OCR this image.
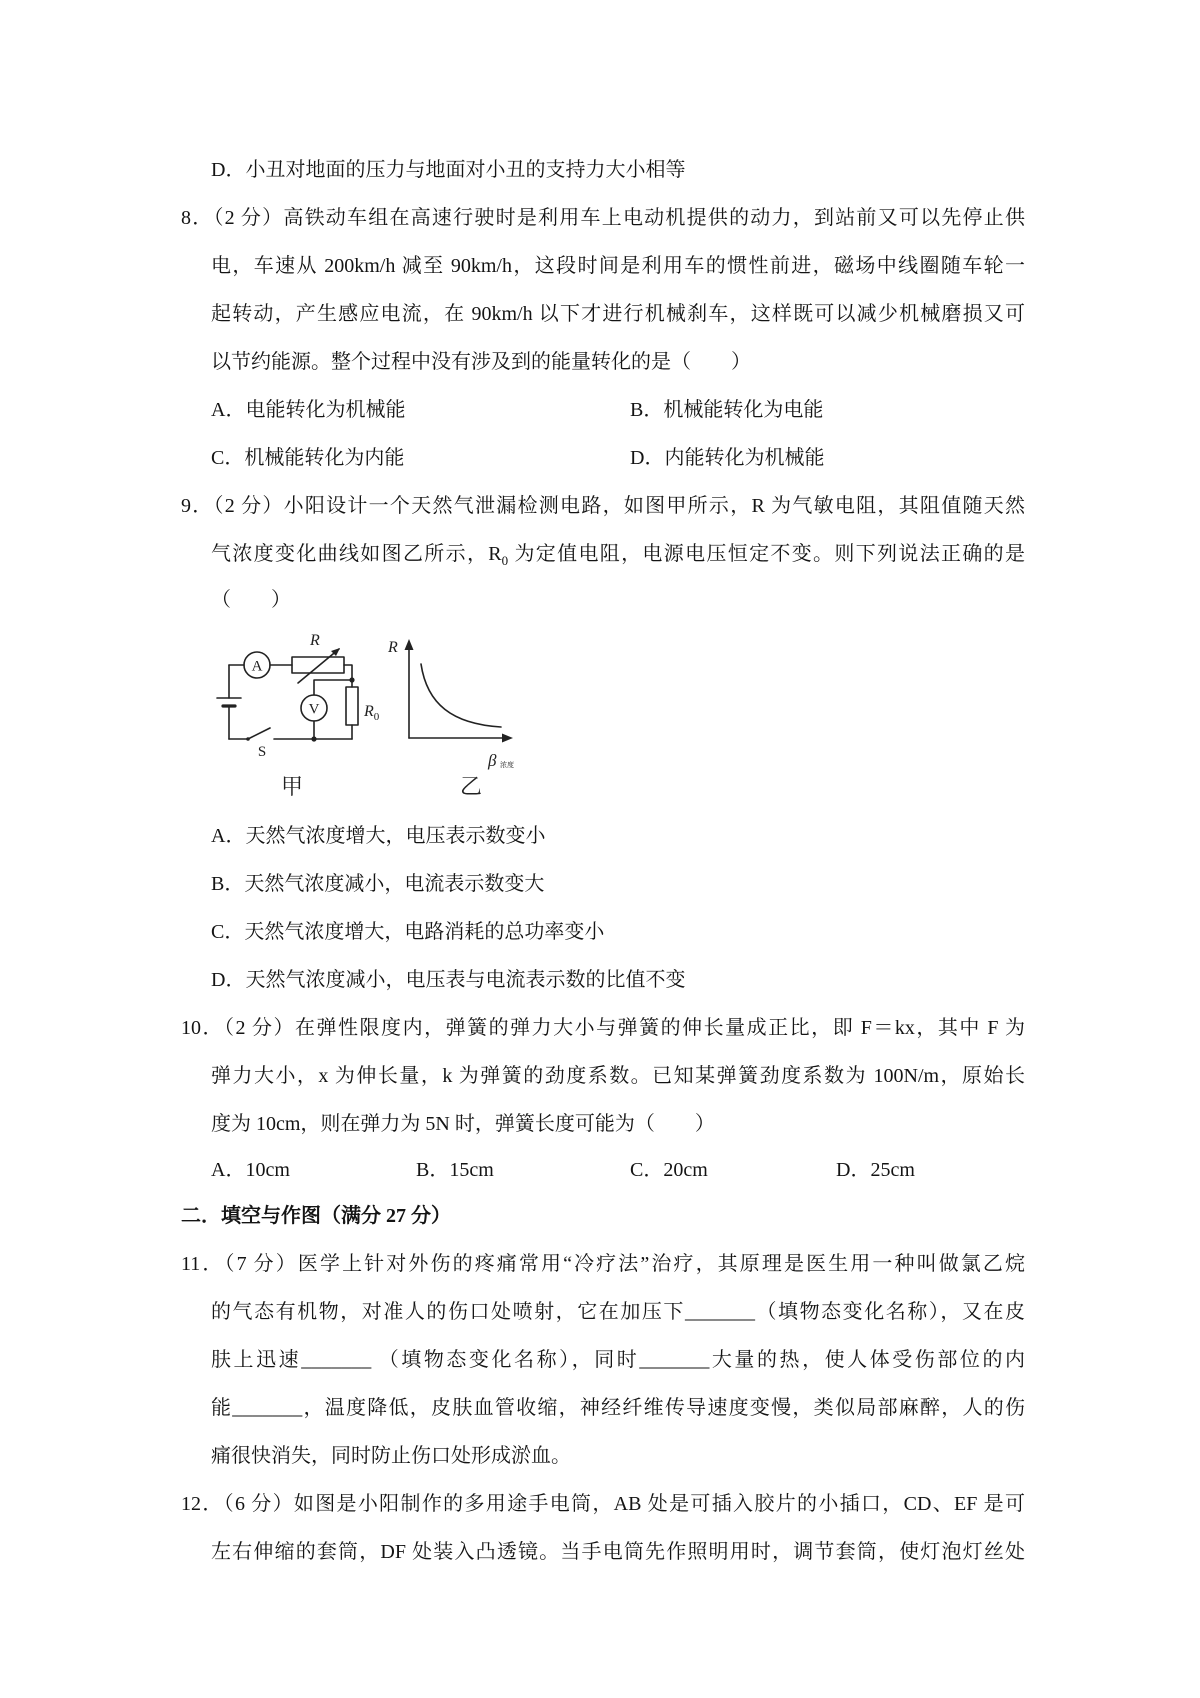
D．小丑对地面的压力与地面对小丑的支持力大小相等
8．（2 分）高铁动车组在高速行驶时是利用车上电动机提供的动力，到站前又可以先停止供
电，车速从 200km/h 减至 90km/h，这段时间是利用车的惯性前进，磁场中线圈随车轮一
起转动，产生感应电流，在 90km/h 以下才进行机械刹车，这样既可以减少机械磨损又可
以节约能源。整个过程中没有涉及到的能量转化的是（　　）
A．电能转化为机械能	B．机械能转化为电能
C．机械能转化为内能	D．内能转化为机械能
9．（2 分）小阳设计一个天然气泄漏检测电路，如图甲所示，R 为气敏电阻，其阻值随天然
气浓度变化曲线如图乙所示，$R_0$ 为定值电阻，电源电压恒定不变。则下列说法正确的是
（　　）
A
R
V	$R_0$
S
甲
R
β 浓度
乙
A．天然气浓度增大，电压表示数变小
B．天然气浓度减小，电流表示数变大
C．天然气浓度增大，电路消耗的总功率变小
D．天然气浓度减小，电压表与电流表示数的比值不变
10．（2 分）在弹性限度内，弹簧的弹力大小与弹簧的伸长量成正比，即 F＝kx，其中 F 为
弹力大小，x 为伸长量，k 为弹簧的劲度系数。已知某弹簧劲度系数为 100N/m，原始长
度为 10cm，则在弹力为 5N 时，弹簧长度可能为（　　）
A．10cm	B．15cm	C．20cm	D．25cm
二．填空与作图（满分 27 分）
11．（7 分）医学上针对外伤的疼痛常用“冷疗法”治疗，其原理是医生用一种叫做氯乙烷
的气态有机物，对准人的伤口处喷射，它在加压下_______（填物态变化名称），又在皮
肤上迅速_______ （填物态变化名称），同时_______大量的热，使人体受伤部位的内
能_______，温度降低，皮肤血管收缩，神经纤维传导速度变慢，类似局部麻醉，人的伤
痛很快消失，同时防止伤口处形成淤血。
12．（6 分）如图是小阳制作的多用途手电筒，AB 处是可插入胶片的小插口，CD、EF 是可
左右伸缩的套筒，DF 处装入凸透镜。当手电筒先作照明用时，调节套筒，使灯泡灯丝处
